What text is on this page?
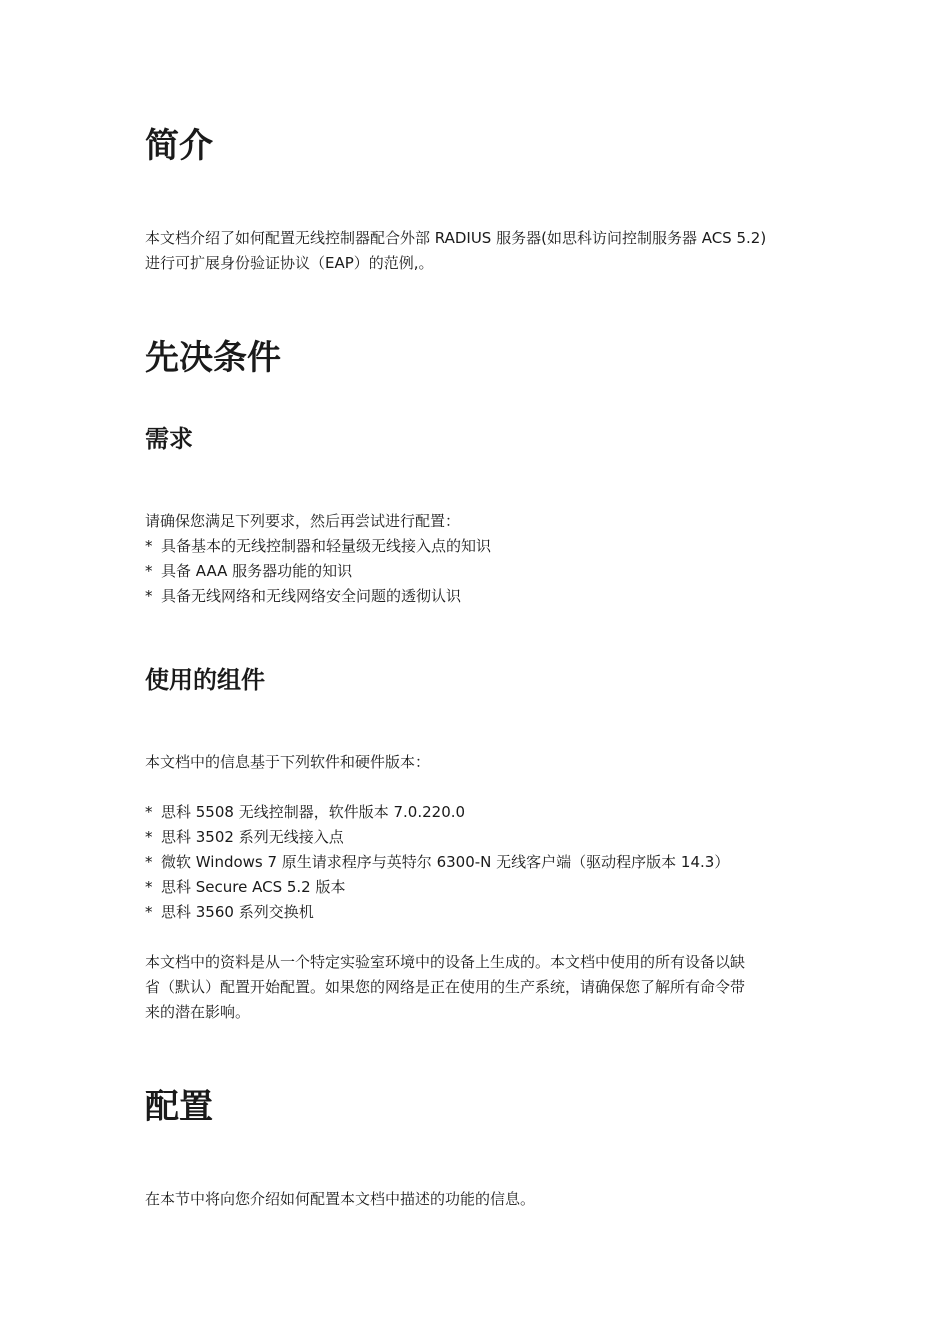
简介

本文档介绍了如何配置无线控制器配合外部 RADIUS 服务器(如思科访问控制服务器 ACS 5.2)
进行可扩展身份验证协议（EAP）的范例,。

先决条件
需求

请确保您满足下列要求，然后再尝试进行配置：

* 具备基本的无线控制器和轻量级无线接入点的知识
* 具备 AAA 服务器功能的知识
* 具备无线网络和无线网络安全问题的透彻认识
使用的组件

本文档中的信息基于下列软件和硬件版本：

* 思科 5508 无线控制器，软件版本 7.0.220.0
* 思科 3502 系列无线接入点
* 微软 Windows 7 原生请求程序与英特尔 6300-N 无线客户端（驱动程序版本 14.3）
* 思科 Secure ACS 5.2 版本
* 思科 3560 系列交换机

本文档中的资料是从一个特定实验室环境中的设备上生成的。本文档中使用的所有设备以缺
省（默认）配置开始配置。如果您的网络是正在使用的生产系统，请确保您了解所有命令带
来的潜在影响。

配置

在本节中将向您介绍如何配置本文档中描述的功能的信息。
